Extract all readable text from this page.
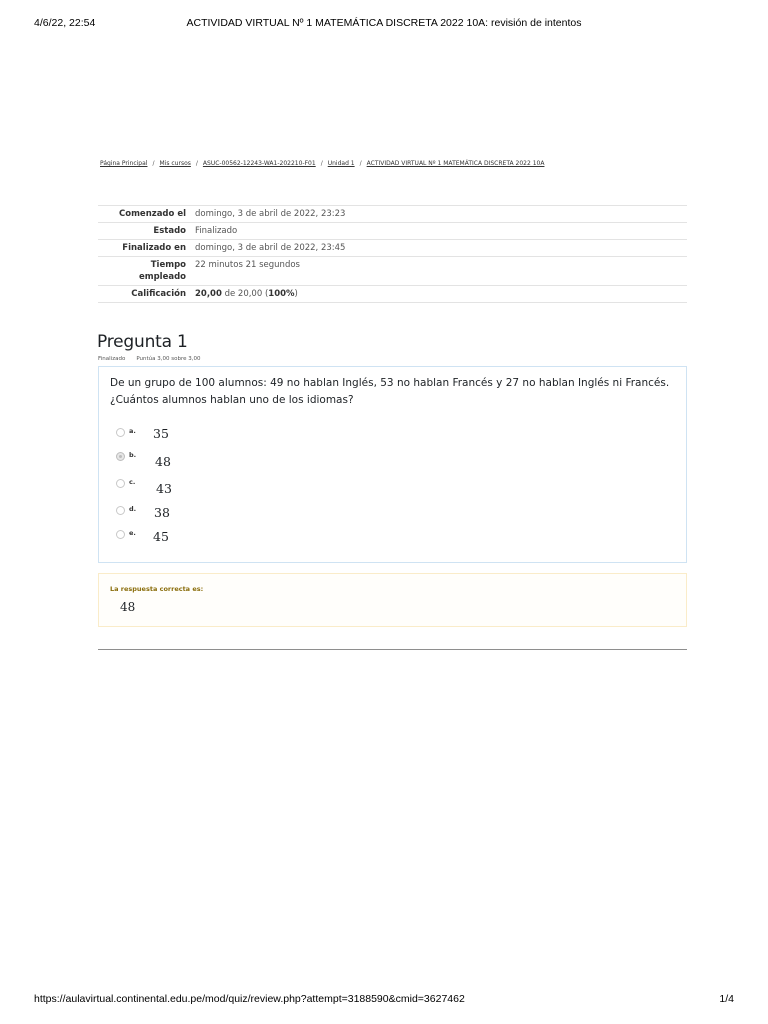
4/6/22, 22:54	ACTIVIDAD VIRTUAL Nº 1 MATEMÁTICA DISCRETA 2022 10A: revisión de intentos
Página Principal / Mis cursos / ASUC-00562-12243-WA1-202210-F01 / Unidad 1 / ACTIVIDAD VIRTUAL Nº 1 MATEMÁTICA DISCRETA 2022 10A
Comenzado el	domingo, 3 de abril de 2022, 23:23
Estado	Finalizado
Finalizado en	domingo, 3 de abril de 2022, 23:45
Tiempo
empleado	22 minutos 21 segundos
Calificación	20,00 de 20,00 (100%)
Pregunta 1
Finalizado Puntúa 3,00 sobre 3,00
De un grupo de 100 alumnos: 49 no hablan Inglés, 53 no hablan Francés y 27 no hablan Inglés ni Francés.
¿Cuántos alumnos hablan uno de los idiomas?
a. 35
b. 48
c. 43
d. 38
e. 45
La respuesta correcta es:
48
https://aulavirtual.continental.edu.pe/mod/quiz/review.php?attempt=3188590&cmid=3627462	1/4
